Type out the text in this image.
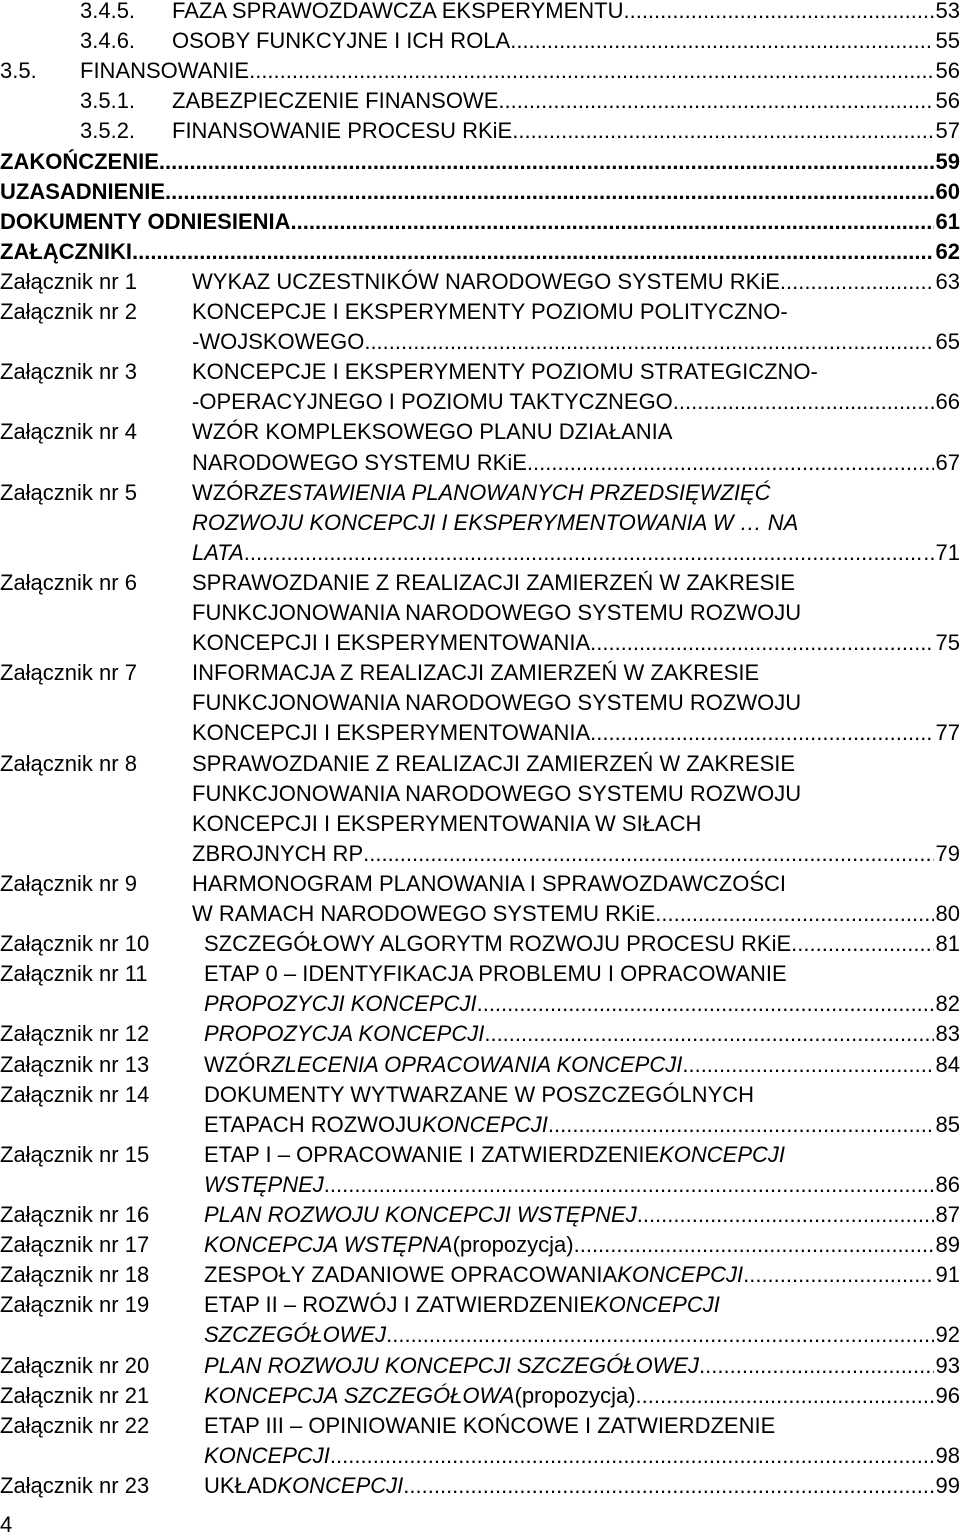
3.4.5. FAZA SPRAWOZDAWCZA EKSPERYMENTU .....	53
3.4.6. OSOBY FUNKCYJNE I ICH ROLA .....	55
3.5. FINANSOWANIE .....	56
3.5.1. ZABEZPIECZENIE FINANSOWE .....	56
3.5.2. FINANSOWANIE PROCESU RKiE .....	57
ZAKOŃCZENIE .....	59
UZASADNIENIE .....	60
DOKUMENTY ODNIESIENIA .....	61
ZAŁĄCZNIKI .....	62
Załącznik nr 1	WYKAZ UCZESTNIKÓW NARODOWEGO SYSTEMU RKiE .....	63
Załącznik nr 2	KONCEPCJE I EKSPERYMENTY POZIOMU POLITYCZNO-
-WOJSKOWEGO .....	65
Załącznik nr 3	KONCEPCJE I EKSPERYMENTY POZIOMU STRATEGICZNO-
-OPERACYJNEGO I POZIOMU TAKTYCZNEGO .....	66
Załącznik nr 4	WZÓR KOMPLEKSOWEGO PLANU DZIAŁANIA
NARODOWEGO SYSTEMU RKiE .....	67
Załącznik nr 5	WZÓR ZESTAWIENIA PLANOWANYCH PRZEDSIĘWZIĘĆ
ROZWOJU KONCEPCJI I EKSPERYMENTOWANIA W … NA
LATA .....	..71
Załącznik nr 6	SPRAWOZDANIE Z REALIZACJI ZAMIERZEŃ W ZAKRESIE
FUNKCJONOWANIA NARODOWEGO SYSTEMU ROZWOJU
KONCEPCJI I EKSPERYMENTOWANIA .....	75
Załącznik nr 7	INFORMACJA Z REALIZACJI ZAMIERZEŃ W ZAKRESIE
FUNKCJONOWANIA NARODOWEGO SYSTEMU ROZWOJU
KONCEPCJI I EKSPERYMENTOWANIA .....	77
Załącznik nr 8	SPRAWOZDANIE Z REALIZACJI ZAMIERZEŃ W ZAKRESIE
FUNKCJONOWANIA NARODOWEGO SYSTEMU ROZWOJU
KONCEPCJI I EKSPERYMENTOWANIA W SIŁACH
ZBROJNYCH RP .....	79
Załącznik nr 9	HARMONOGRAM PLANOWANIA I SPRAWOZDAWCZOŚCI
W RAMACH NARODOWEGO SYSTEMU RKiE .....	80
Załącznik nr 10 SZCZEGÓŁOWY ALGORYTM ROZWOJU PROCESU RKiE .....	81
Załącznik nr 11	ETAP 0 – IDENTYFIKACJA PROBLEMU I OPRACOWANIE
PROPOZYCJI KONCEPCJI .....	82
Załącznik nr 12 PROPOZYCJA KONCEPCJI .....	83
Załącznik nr 13 WZÓR ZLECENIA OPRACOWANIA KONCEPCJI .....	84
Załącznik nr 14 DOKUMENTY WYTWARZANE W POSZCZEGÓLNYCH
ETAPACH ROZWOJU KONCEPCJI .....	85
Załącznik nr 15 ETAP I – OPRACOWANIE I ZATWIERDZENIE KONCEPCJI
WSTĘPNEJ .....	86
Załącznik nr 16 PLAN ROZWOJU KONCEPCJI WSTĘPNEJ .....	87
Załącznik nr 17 KONCEPCJA WSTĘPNA (propozycja) .....	89
Załącznik nr 18 ZESPOŁY ZADANIOWE OPRACOWANIA KONCEPCJI .....	91
Załącznik nr 19 ETAP II – ROZWÓJ I ZATWIERDZENIE KONCEPCJI
SZCZEGÓŁOWEJ .....	92
Załącznik nr 20 PLAN ROZWOJU KONCEPCJI SZCZEGÓŁOWEJ .....	93
Załącznik nr 21 KONCEPCJA SZCZEGÓŁOWA (propozycja) .....	96
Załącznik nr 22 ETAP III – OPINIOWANIE KOŃCOWE I ZATWIERDZENIE
KONCEPCJI .....	98
Załącznik nr 23 UKŁAD KONCEPCJI .....	99
4
